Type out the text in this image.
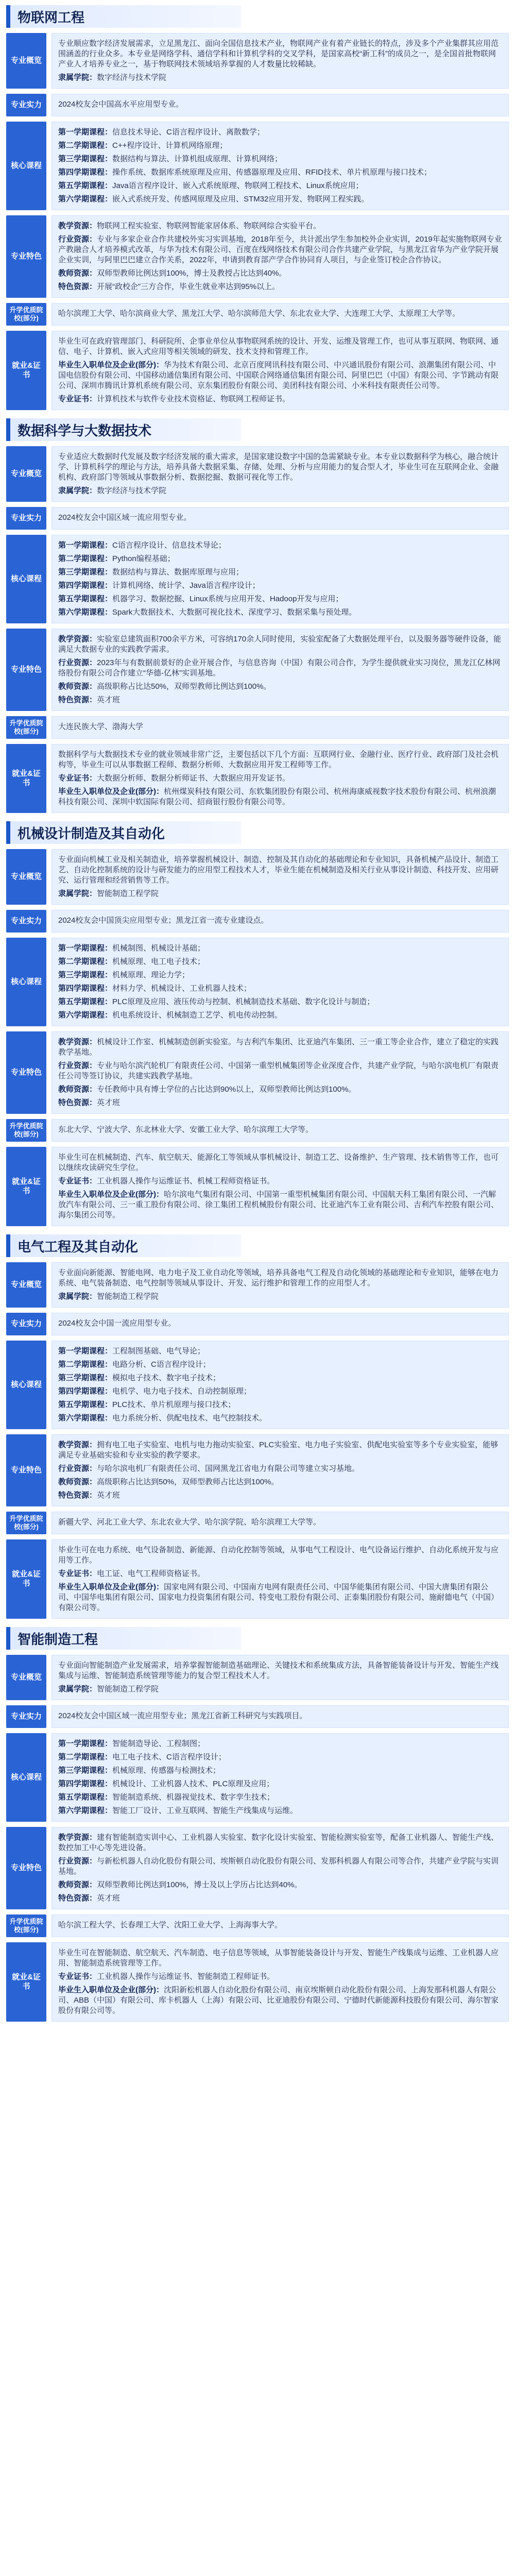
物联网工程
专业概览

专业顺应数字经济发展需求，立足黑龙江、面向全国信息技术产业，物联网产业有着产业链长的特点，涉及多个产业集群其应用范围涵盖的行业众多。本专业是网络学科、通信学科和计算机学科的交叉学科，是国家高校“新工科”的成员之一，是全国首批物联网产业人才培养专业之一，基于物联网技术领域培养掌握的人才数量比较稀缺。

隶属学院：数字经济与技术学院

专业实力	2024校友会中国高水平应用型专业。

核心课程

第一学期课程：信息技术导论、C语言程序设计、离散数学；

第二学期课程：C++程序设计、计算机网络原理；

第三学期课程：数据结构与算法、计算机组成原理、计算机网络；

第四学期课程：操作系统、数据库系统原理及应用、传感器原理及应用、RFID技术、单片机原理与接口技术；

第五学期课程：Java语言程序设计、嵌入式系统原理、物联网工程技术、Linux系统应用；

第六学期课程：嵌入式系统开发、传感网原理及应用、STM32应用开发、物联网工程实践。

专业特色

教学资源：物联网工程实验室、物联网智能家居体系、物联网综合实验平台。

行业资源：专业与多家企业合作共建校外实习实训基地，2018年至今，共计派出学生参加校外企业实训，2019年起实施物联网专业产教融合人才培养模式改革，与华为技术有限公司、百度在线网络技术有限公司合作共建产业学院，与黑龙江省华为产业学院开展企业实训，与阿里巴巴建立合作关系，2022年，申请到教育部产学合作协同育人项目，与企业签订校企合作协议。

教师资源：双师型教师比例达到100%，博士及教授占比达到40%。

特色资源：开展“政校企”三方合作，毕业生就业率达到95%以上。

升学优质院校(部分)

哈尔滨理工大学、哈尔滨商业大学、黑龙江大学、哈尔滨师范大学、东北农业大学、大连理工大学、太原理工大学等。

就业&证书

毕业生可在政府管理部门、科研院所、企事业单位从事物联网系统的设计、开发、运维及管理工作，也可从事互联网、物联网、通信、电子、计算机、嵌入式应用等相关领域的研发、技术支持和管理工作。

毕业生入职单位及企业(部分)：华为技术有限公司、北京百度网讯科技有限公司、中兴通讯股份有限公司、浪潮集团有限公司、中国电信股份有限公司、中国移动通信集团有限公司、中国联合网络通信集团有限公司、阿里巴巴（中国）有限公司、字节跳动有限公司、深圳市腾讯计算机系统有限公司、京东集团股份有限公司、美团科技有限公司、小米科技有限责任公司等。

专业证书：计算机技术与软件专业技术资格证、物联网工程师证书。

数据科学与大数据技术
专业概览

专业适应大数据时代发展及数字经济发展的重大需求，是国家建设数字中国的急需紧缺专业。本专业以数据科学为核心，融合统计学、计算机科学的理论与方法，培养具备大数据采集、存储、处理、分析与应用能力的复合型人才，毕业生可在互联网企业、金融机构、政府部门等领域从事数据分析、数据挖掘、数据可视化等工作。

隶属学院：数字经济与技术学院

专业实力	2024校友会中国区域一流应用型专业。

核心课程

第一学期课程：C语言程序设计、信息技术导论；

第二学期课程：Python编程基础；

第三学期课程：数据结构与算法、数据库原理与应用；

第四学期课程：计算机网络、统计学、Java语言程序设计；

第五学期课程：机器学习、数据挖掘、Linux系统与应用开发、Hadoop开发与应用；

第六学期课程：Spark大数据技术、大数据可视化技术、深度学习、数据采集与预处理。

专业特色

教学资源：实验室总建筑面积700余平方米，可容纳170余人同时使用，实验室配备了大数据处理平台，以及服务器等硬件设备，能满足大数据专业的实践教学需求。

行业资源：2023年与有数据前景好的企业开展合作，与信息咨询（中国）有限公司合作，为学生提供就业实习岗位，黑龙江亿林网络股份有限公司合作建立“华德-亿林”实训基地。

教师资源：高级职称占比达50%，双师型教师比例达到100%。

特色资源：英才班

升学优质院校(部分)

大连民族大学、渤海大学

就业&证书

数据科学与大数据技术专业的就业领域非常广泛，主要包括以下几个方面：互联网行业、金融行业、医疗行业、政府部门及社会机构等，毕业生可以从事数据工程师、数据分析师、大数据应用开发工程师等工作。

专业证书：大数据分析师、数据分析师证书、大数据应用开发证书。

毕业生入职单位及企业(部分)：杭州煤炭科技有限公司、东软集团股份有限公司、杭州海康威视数字技术股份有限公司、杭州浪潮科技有限公司、深圳中软国际有限公司、招商银行股份有限公司等。

机械设计制造及其自动化
专业概览

专业面向机械工业及相关制造业，培养掌握机械设计、制造、控制及其自动化的基础理论和专业知识，具备机械产品设计、制造工艺、自动化控制系统的设计与研发能力的应用型工程技术人才，毕业生能在机械制造及相关行业从事设计制造、科技开发、应用研究、运行管理和经营销售等工作。

隶属学院：智能制造工程学院

专业实力	2024校友会中国顶尖应用型专业；黑龙江省一流专业建设点。

核心课程

第一学期课程：机械制图、机械设计基础；

第二学期课程：机械原理、电工电子技术；

第三学期课程：机械原理、理论力学；

第四学期课程：材料力学、机械设计、工业机器人技术；

第五学期课程：PLC原理及应用、液压传动与控制、机械制造技术基础、数字化设计与制造；

第六学期课程：机电系统设计、机械制造工艺学、机电传动控制。

专业特色

教学资源：机械设计工作室、机械制造创新实验室。与吉利汽车集团、比亚迪汽车集团、三一重工等企业合作，建立了稳定的实践教学基地。

行业资源：专业与哈尔滨汽轮机厂有限责任公司、中国第一重型机械集团等企业深度合作，共建产业学院，与哈尔滨电机厂有限责任公司等签订协议，共建实践教学基地。

教师资源：专任教师中具有博士学位的占比达到90%以上，双师型教师比例达到100%。

特色资源：英才班

升学优质院校(部分)

东北大学、宁波大学、东北林业大学、安徽工业大学、哈尔滨理工大学等。

就业&证书

毕业生可在机械制造、汽车、航空航天、能源化工等领域从事机械设计、制造工艺、设备维护、生产管理、技术销售等工作，也可以继续攻读研究生学位。

专业证书：工业机器人操作与运维证书、机械工程师资格证书。

毕业生入职单位及企业(部分)：哈尔滨电气集团有限公司、中国第一重型机械集团有限公司、中国航天科工集团有限公司、一汽解放汽车有限公司、三一重工股份有限公司、徐工集团工程机械股份有限公司、比亚迪汽车工业有限公司、吉利汽车控股有限公司、海尔集团公司等。

电气工程及其自动化
专业概览

专业面向新能源、智能电网、电力电子及工业自动化等领域，培养具备电气工程及自动化领域的基础理论和专业知识，能够在电力系统、电气装备制造、电气控制等领域从事设计、开发、运行维护和管理工作的应用型人才。

隶属学院：智能制造工程学院

专业实力	2024校友会中国一流应用型专业。

核心课程

第一学期课程：工程制图基础、电气导论；

第二学期课程：电路分析、C语言程序设计；

第三学期课程：模拟电子技术、数字电子技术；

第四学期课程：电机学、电力电子技术、自动控制原理；

第五学期课程：PLC技术、单片机原理与接口技术；

第六学期课程：电力系统分析、供配电技术、电气控制技术。

专业特色

教学资源：拥有电工电子实验室、电机与电力拖动实验室、PLC实验室、电力电子实验室、供配电实验室等多个专业实验室，能够满足专业基础实验和专业实验的教学要求。

行业资源：与哈尔滨电机厂有限责任公司、国网黑龙江省电力有限公司等建立实习基地。

教师资源：高级职称占比达到50%，双师型教师占比达到100%。

特色资源：英才班

升学优质院校(部分)

新疆大学、河北工业大学、东北农业大学、哈尔滨学院、哈尔滨理工大学等。

就业&证书

毕业生可在电力系统、电气设备制造、新能源、自动化控制等领域，从事电气工程设计、电气设备运行维护、自动化系统开发与应用等工作。

专业证书：电工证、电气工程师资格证书。

毕业生入职单位及企业(部分)：国家电网有限公司、中国南方电网有限责任公司、中国华能集团有限公司、中国大唐集团有限公司、中国华电集团有限公司、国家电力投资集团有限公司、特变电工股份有限公司、正泰集团股份有限公司、施耐德电气（中国）有限公司等。

智能制造工程
专业概览

专业面向智能制造产业发展需求，培养掌握智能制造基础理论、关键技术和系统集成方法，具备智能装备设计与开发、智能生产线集成与运维、智能制造系统管理等能力的复合型工程技术人才。

隶属学院：智能制造工程学院

专业实力	2024校友会中国区域一流应用型专业；黑龙江省新工科研究与实践项目。

核心课程

第一学期课程：智能制造导论、工程制图；

第二学期课程：电工电子技术、C语言程序设计；

第三学期课程：机械原理、传感器与检测技术；

第四学期课程：机械设计、工业机器人技术、PLC原理及应用；

第五学期课程：智能制造系统、机器视觉技术、数字孪生技术；

第六学期课程：智能工厂设计、工业互联网、智能生产线集成与运维。

专业特色

教学资源：建有智能制造实训中心、工业机器人实验室、数字化设计实验室、智能检测实验室等，配备工业机器人、智能生产线、数控加工中心等先进设备。

行业资源：与新松机器人自动化股份有限公司、埃斯顿自动化股份有限公司、发那科机器人有限公司等合作，共建产业学院与实训基地。

教师资源：双师型教师比例达到100%，博士及以上学历占比达到40%。

特色资源：英才班

升学优质院校(部分)

哈尔滨工程大学、长春理工大学、沈阳工业大学、上海海事大学。

就业&证书

毕业生可在智能制造、航空航天、汽车制造、电子信息等领域，从事智能装备设计与开发、智能生产线集成与运维、工业机器人应用、智能制造系统管理等工作。

专业证书：工业机器人操作与运维证书、智能制造工程师证书。

毕业生入职单位及企业(部分)：沈阳新松机器人自动化股份有限公司、南京埃斯顿自动化股份有限公司、上海发那科机器人有限公司、ABB（中国）有限公司、库卡机器人（上海）有限公司、比亚迪股份有限公司、宁德时代新能源科技股份有限公司、海尔智家股份有限公司等。
